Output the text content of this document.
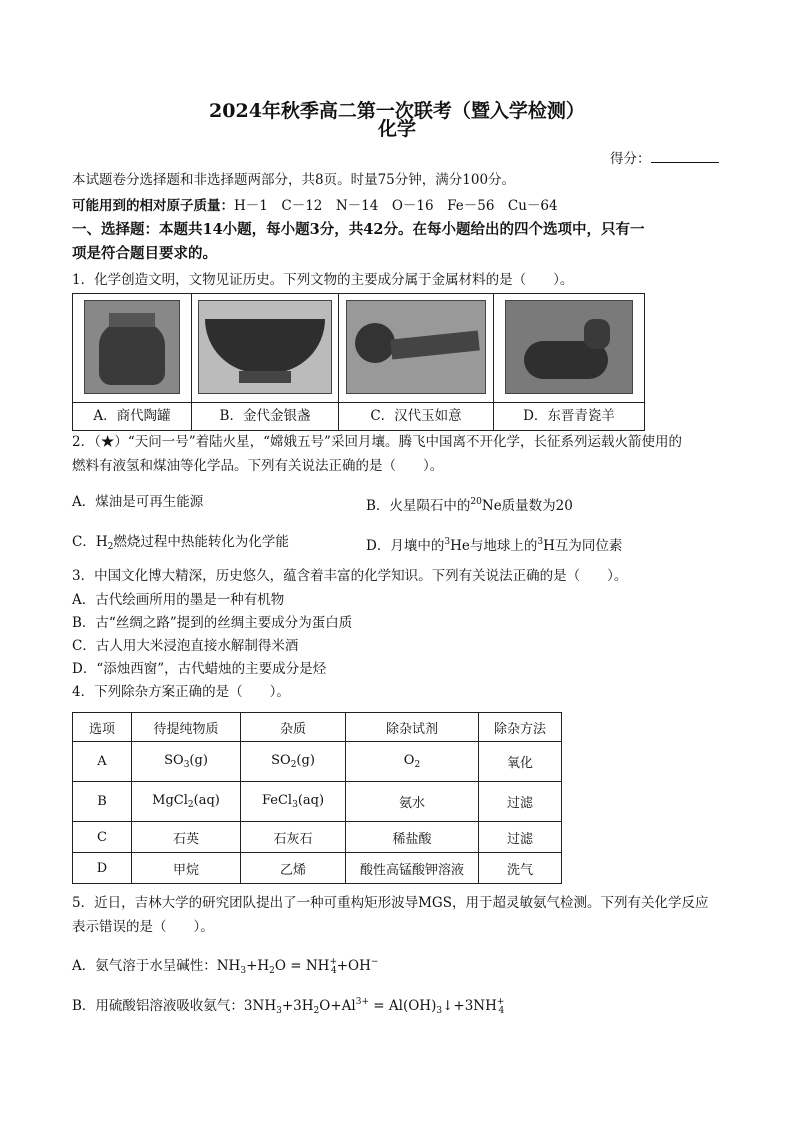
2024年秋季高二第一次联考（暨入学检测）
化学
得分：
本试题卷分选择题和非选择题两部分，共8页。时量75分钟，满分100分。
可能用到的相对原子质量：H－1　C－12　N－14　O－16　Fe－56　Cu－64
一、选择题：本题共14小题，每小题3分，共42分。在每小题给出的四个选项中，只有一
项是符合题目要求的。
1．化学创造文明，文物见证历史。下列文物的主要成分属于金属材料的是（　　）。
A．商代陶罐	B．金代金银盏	C．汉代玉如意	D．东晋青瓷羊
2．（★）“天问一号”着陆火星，“嫦娥五号”采回月壤。腾飞中国离不开化学，长征系列运载火箭使用的
燃料有液氢和煤油等化学品。下列有关说法正确的是（　　）。
A．煤油是可再生能源	B．火星陨石中的$^{20}$Ne质量数为20
C．$H_2$燃烧过程中热能转化为化学能	D．月壤中的$^3$He与地球上的$^3$H互为同位素
3．中国文化博大精深，历史悠久，蕴含着丰富的化学知识。下列有关说法正确的是（　　）。
A．古代绘画所用的墨是一种有机物
B．古“丝绸之路”提到的丝绸主要成分为蛋白质
C．古人用大米浸泡直接水解制得米酒
D．“添烛西窗”，古代蜡烛的主要成分是烃
4．下列除杂方案正确的是（　　）。
选项	待提纯物质	杂质	除杂试剂	除杂方法
A	$SO_3(g)$	$SO_2(g)$	$O_2$	氧化
B	MgCl$_2$(aq)	FeCl$_3$(aq)	氨水	过滤
C	石英	石灰石	稀盐酸	过滤
D	甲烷	乙烯	酸性高锰酸钾溶液	洗气
5．近日，吉林大学的研究团队提出了一种可重构矩形波导MGS，用于超灵敏氨气检测。下列有关化学反应
表示错误的是（　　）。
A．氨气溶于水呈碱性：$NH_3+H_2O = NH^+_4+OH^-$
B．用硫酸铝溶液吸收氨气：$3NH_3+3H_2O+Al^{3+}$ = $Al(OH)_3↓+3NH^+_4$
